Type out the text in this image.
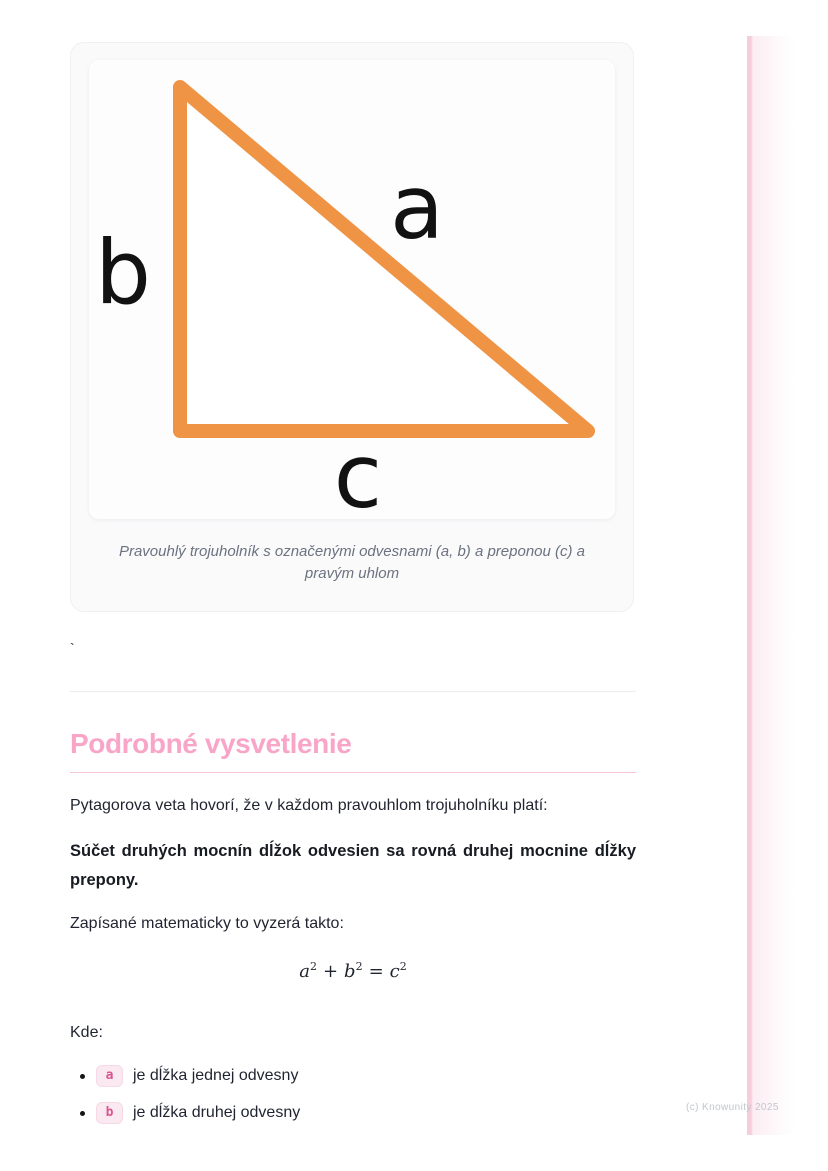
(c) Knowunity 2025
a
b
c
Pravouhlý trojuholník s označenými odvesnami (a, b) a preponou (c) a pravým uhlom
`
Podrobné vysvetlenie

Pytagorova veta hovorí, že v každom pravouhlom trojuholníku platí:

Súčet druhých mocnín dĺžok odvesien sa rovná druhej mocnine dĺžky prepony.

Zapísané matematicky to vyzerá takto:

$a^2 + b^2 = c^2$

Kde:

a	je dĺžka jednej odvesny
b	je dĺžka druhej odvesny
